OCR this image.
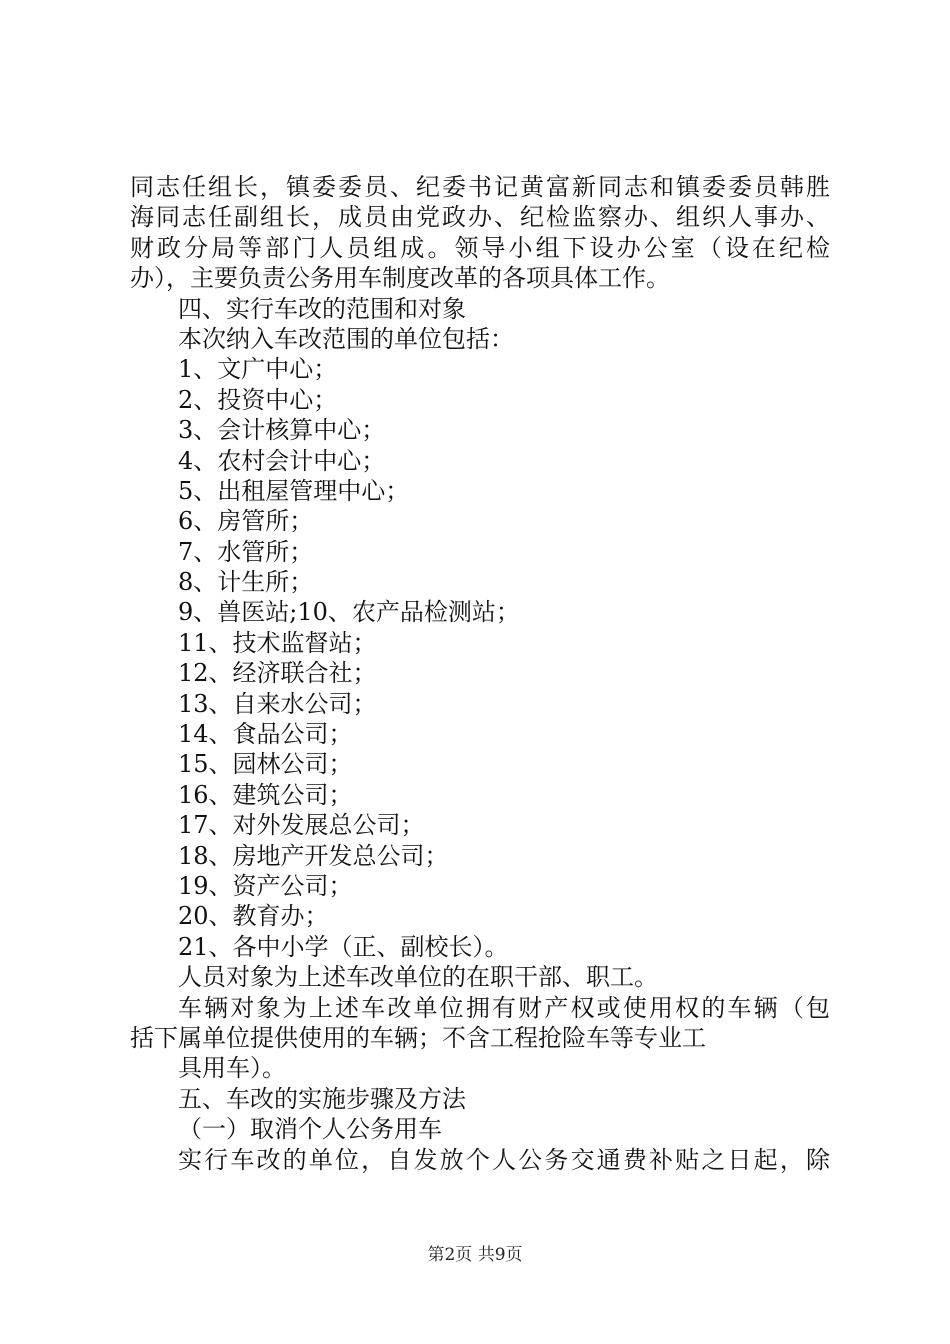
同志任组长，镇委委员、纪委书记黄富新同志和镇委委员韩胜
海同志任副组长，成员由党政办、纪检监察办、组织人事办、
财政分局等部门人员组成。领导小组下设办公室（设在纪检
办），主要负责公务用车制度改革的各项具体工作。
四、实行车改的范围和对象
本次纳入车改范围的单位包括：
1、文广中心；
2、投资中心；
3、会计核算中心；
4、农村会计中心；
5、出租屋管理中心；
6、房管所；
7、水管所；
8、计生所；
9、兽医站;10、农产品检测站；
11、技术监督站；
12、经济联合社；
13、自来水公司；
14、食品公司；
15、园林公司；
16、建筑公司；
17、对外发展总公司；
18、房地产开发总公司；
19、资产公司；
20、教育办；
21、各中小学（正、副校长）。
人员对象为上述车改单位的在职干部、职工。
车辆对象为上述车改单位拥有财产权或使用权的车辆（包
括下属单位提供使用的车辆；不含工程抢险车等专业工
具用车）。
五、车改的实施步骤及方法
（一）取消个人公务用车
实行车改的单位，自发放个人公务交通费补贴之日起，除
第2页 共9页
